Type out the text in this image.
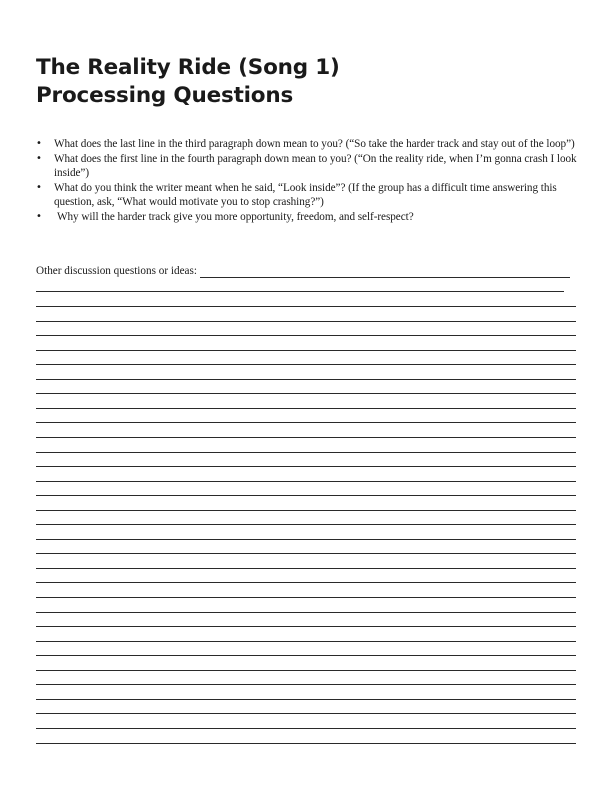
The Reality Ride (Song 1)
Processing Questions
• What does the last line in the third paragraph down mean to you? (“So take the harder track and stay out of the loop”)
• What does the first line in the fourth paragraph down mean to you? (“On the reality ride, when I’m gonna crash I look inside”)
• What do you think the writer meant when he said, “Look inside”? (If the group has a difficult time answering this question, ask, “What would motivate you to stop crashing?”)
• Why will the harder track give you more opportunity, freedom, and self-respect?
Other discussion questions or ideas:
